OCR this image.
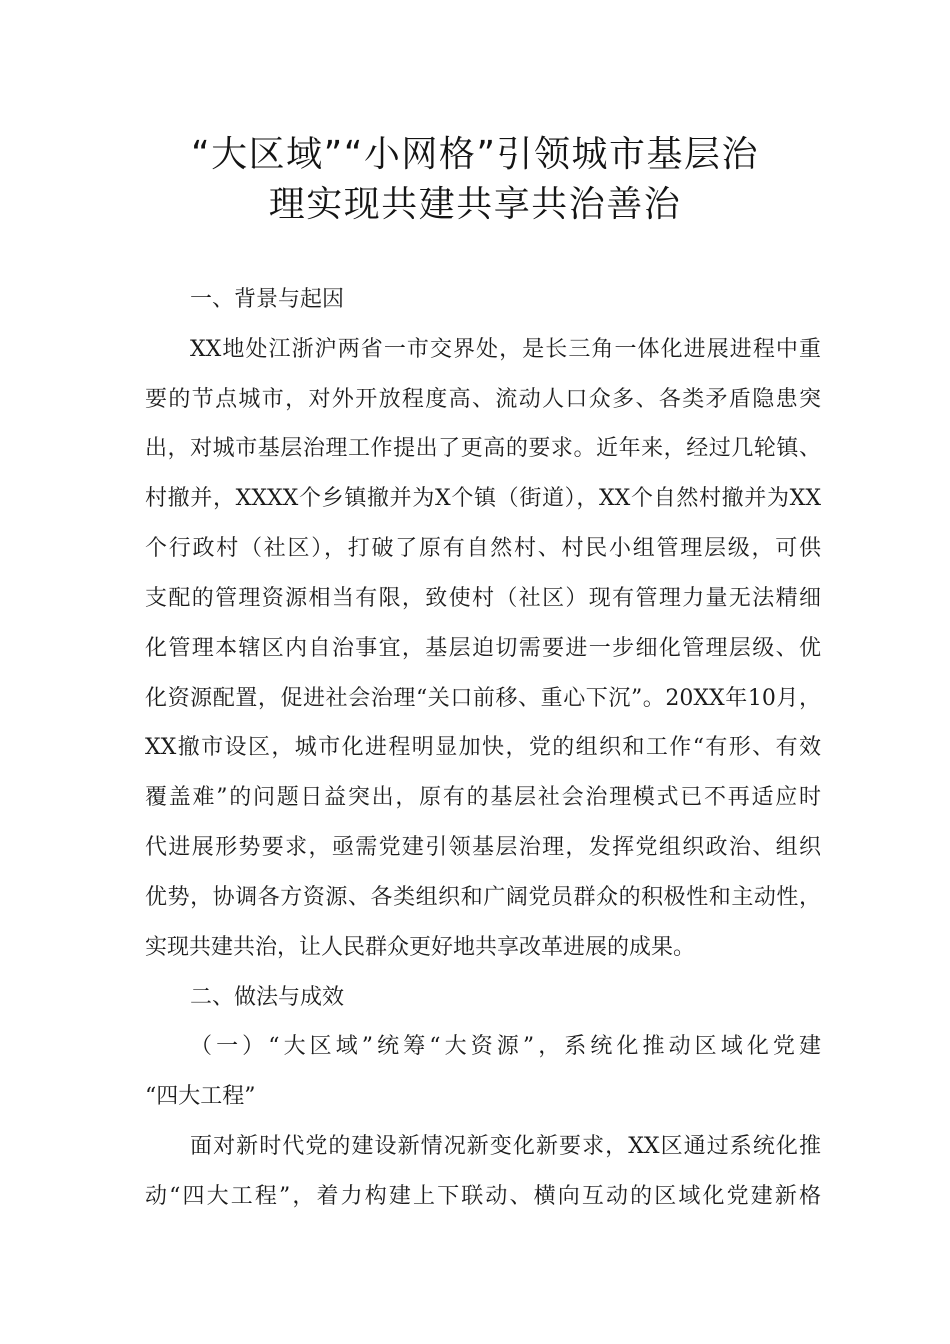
“大区域”“小网格”引领城市基层治
理实现共建共享共治善治
一、背景与起因
XX地处江浙沪两省一市交界处，是长三角一体化进展进程中重
要的节点城市，对外开放程度高、流动人口众多、各类矛盾隐患突
出，对城市基层治理工作提出了更高的要求。近年来，经过几轮镇、
村撤并，XXXX个乡镇撤并为X个镇（街道），XX个自然村撤并为XX
个行政村（社区），打破了原有自然村、村民小组管理层级，可供
支配的管理资源相当有限，致使村（社区）现有管理力量无法精细
化管理本辖区内自治事宜，基层迫切需要进一步细化管理层级、优
化资源配置，促进社会治理“关口前移、重心下沉”。20XX年10月，
XX撤市设区，城市化进程明显加快，党的组织和工作“有形、有效
覆盖难”的问题日益突出，原有的基层社会治理模式已不再适应时
代进展形势要求，亟需党建引领基层治理，发挥党组织政治、组织
优势，协调各方资源、各类组织和广阔党员群众的积极性和主动性，
实现共建共治，让人民群众更好地共享改革进展的成果。
二、做法与成效
（一）“大区域”统筹“大资源”，系统化推动区域化党建
“四大工程”
面对新时代党的建设新情况新变化新要求，XX区通过系统化推
动“四大工程”，着力构建上下联动、横向互动的区域化党建新格
